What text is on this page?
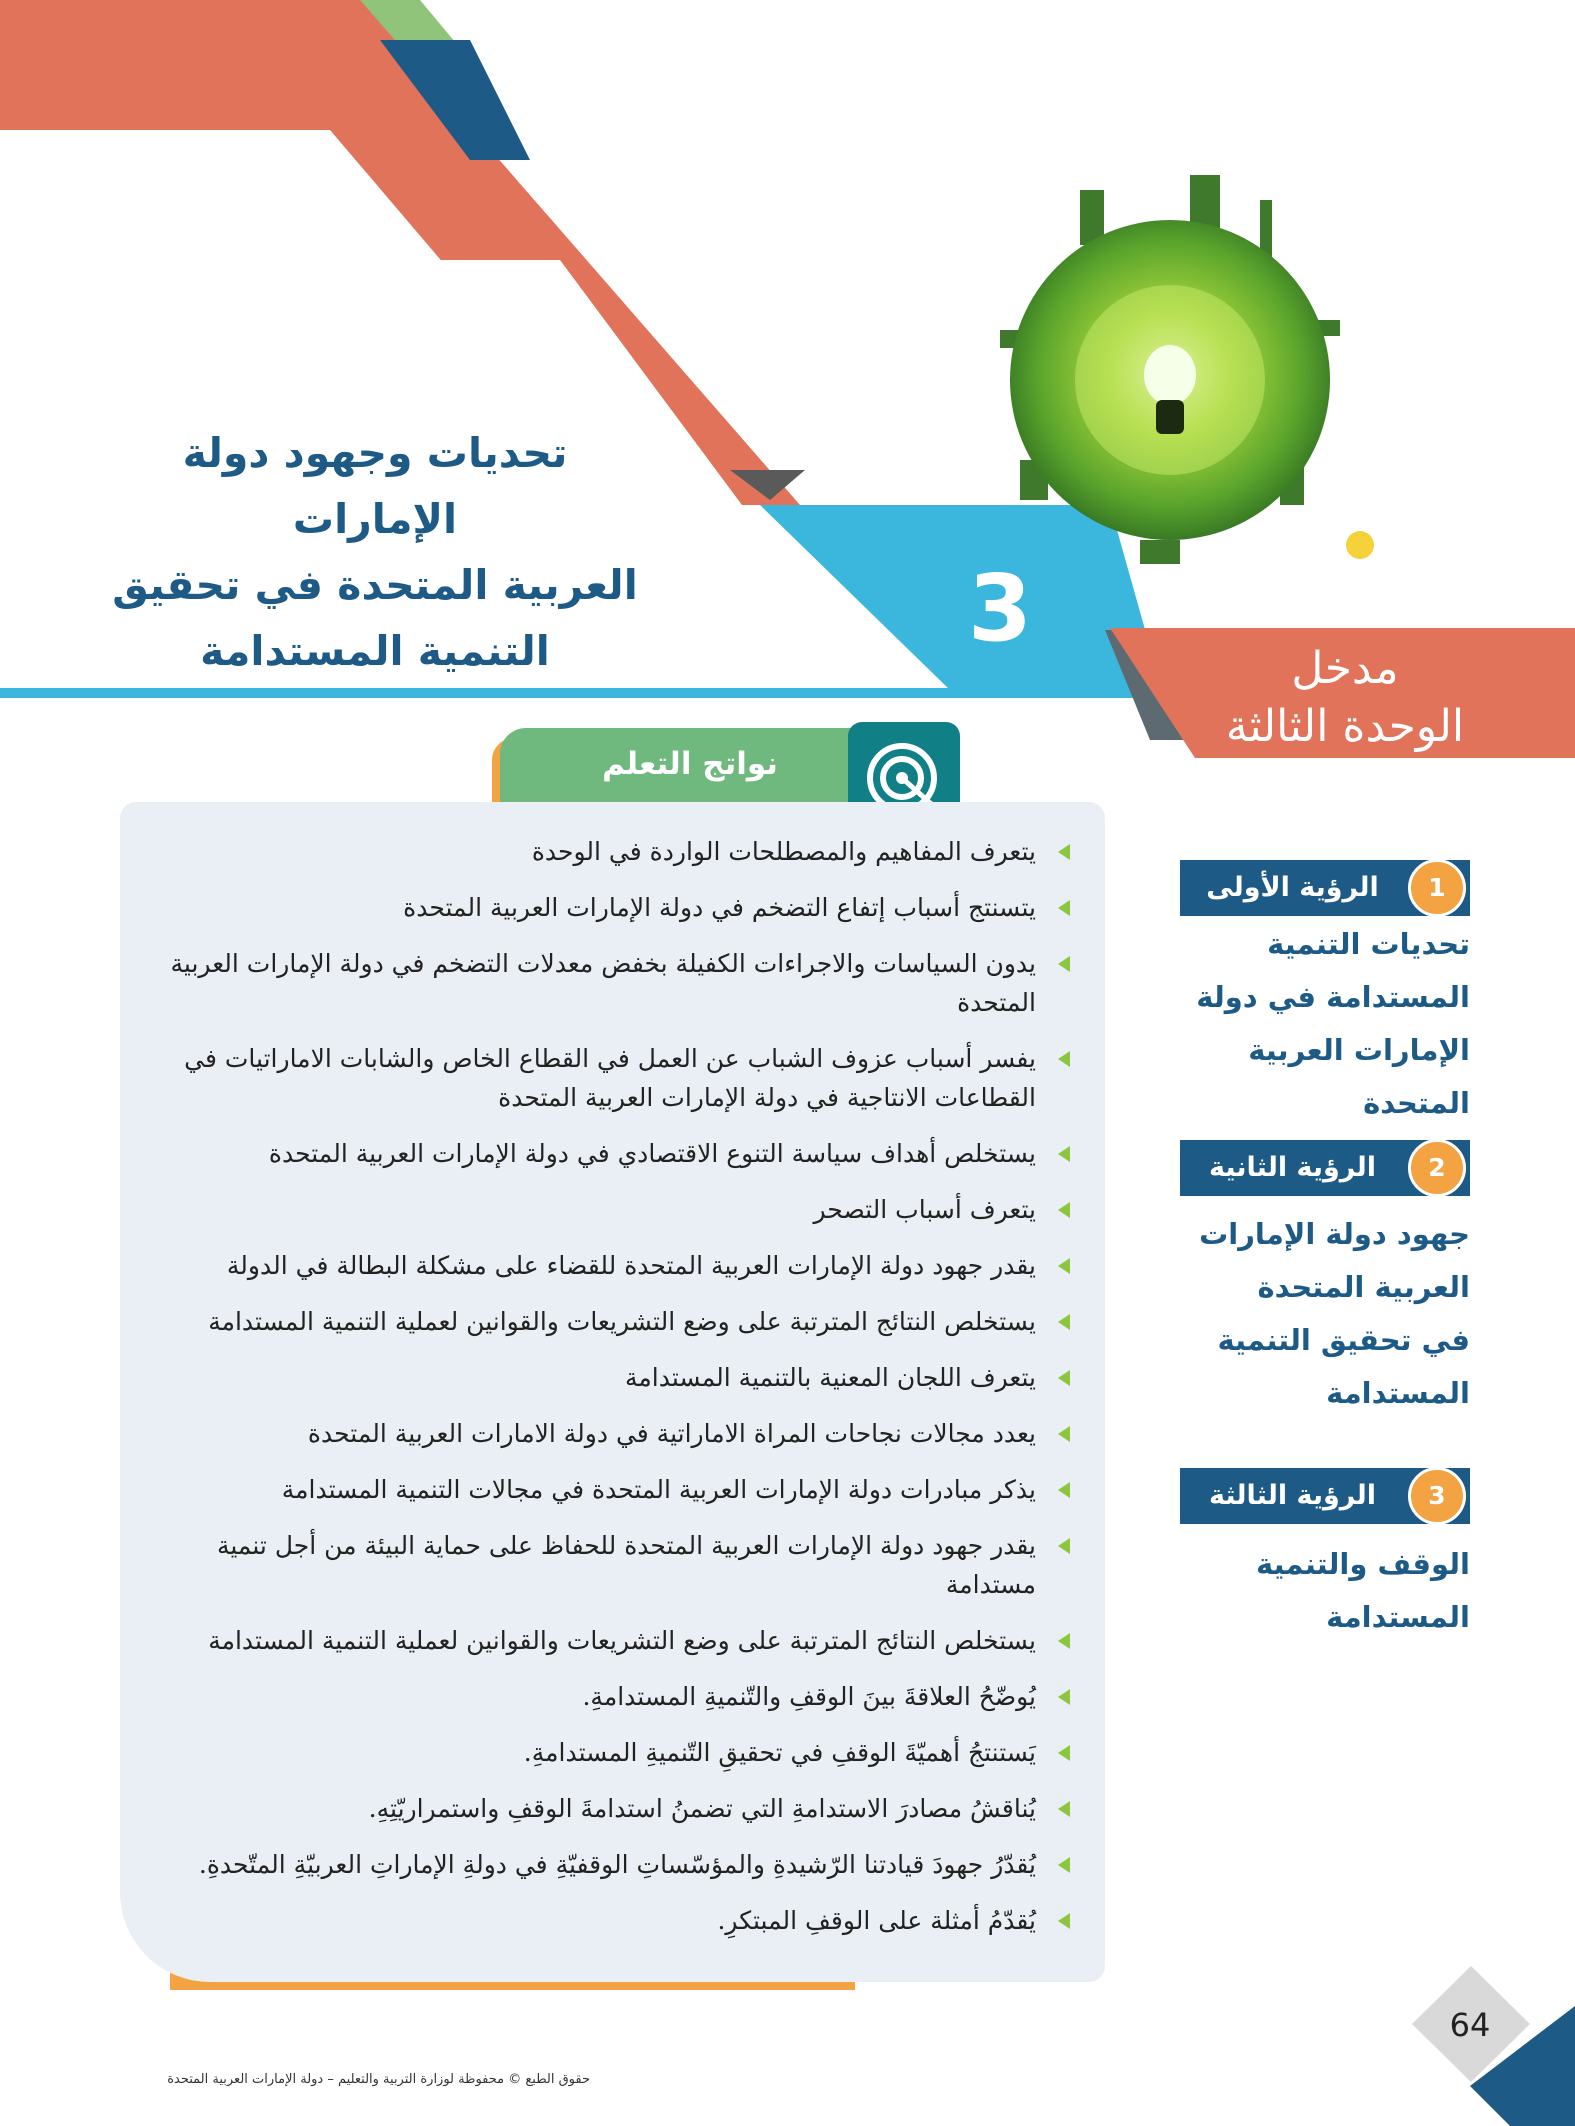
تحديات وجهود دولة الإمارات
العربية المتحدة في تحقيق
التنمية المستدامة	3
مدخل
الوحدة الثالثة
نواتج التعلم
يتعرف المفاهيم والمصطلحات الواردة في الوحدة
يتسنتج أسباب إتفاع التضخم في دولة الإمارات العربية المتحدة
يدون السياسات والاجراءات الكفيلة بخفض معدلات التضخم في دولة الإمارات العربية المتحدة
يفسر أسباب عزوف الشباب عن العمل في القطاع الخاص والشابات الاماراتيات في القطاعات الانتاجية في دولة الإمارات العربية المتحدة
يستخلص أهداف سياسة التنوع الاقتصادي في دولة الإمارات العربية المتحدة
يتعرف أسباب التصحر
يقدر جهود دولة الإمارات العربية المتحدة للقضاء على مشكلة البطالة في الدولة
يستخلص النتائج المترتبة على وضع التشريعات والقوانين لعملية التنمية المستدامة
يتعرف اللجان المعنية بالتنمية المستدامة
يعدد مجالات نجاحات المراة الاماراتية في دولة الامارات العربية المتحدة
يذكر مبادرات دولة الإمارات العربية المتحدة في مجالات التنمية المستدامة
يقدر جهود دولة الإمارات العربية المتحدة للحفاظ على حماية البيئة من أجل تنمية مستدامة
يستخلص النتائج المترتبة على وضع التشريعات والقوانين لعملية التنمية المستدامة
يُوضّحُ العلاقةَ بينَ الوقفِ والتّنميةِ المستدامةِ.
يَستنتجُ أهميّةَ الوقفِ في تحقيقِ التّنميةِ المستدامةِ.
يُناقشُ مصادرَ الاستدامةِ التي تضمنُ استدامةَ الوقفِ واستمراريّتِهِ.
يُقدّرُ جهودَ قيادتنا الرّشيدةِ والمؤسّساتِ الوقفيّةِ في دولةِ الإماراتِ العربيّةِ المتّحدةِ.
يُقدّمُ أمثلة على الوقفِ المبتكرِ.
الرؤية الأولى	1
تحديات التنمية
المستدامة في دولة
الإمارات العربية المتحدة
الرؤية الثانية	2
جهود دولة الإمارات
العربية المتحدة
في تحقيق التنمية
المستدامة
الرؤية الثالثة	3
الوقف والتنمية
المستدامة
حقوق الطبع © محفوظة لوزارة التربية والتعليم – دولة الإمارات العربية المتحدة
64
